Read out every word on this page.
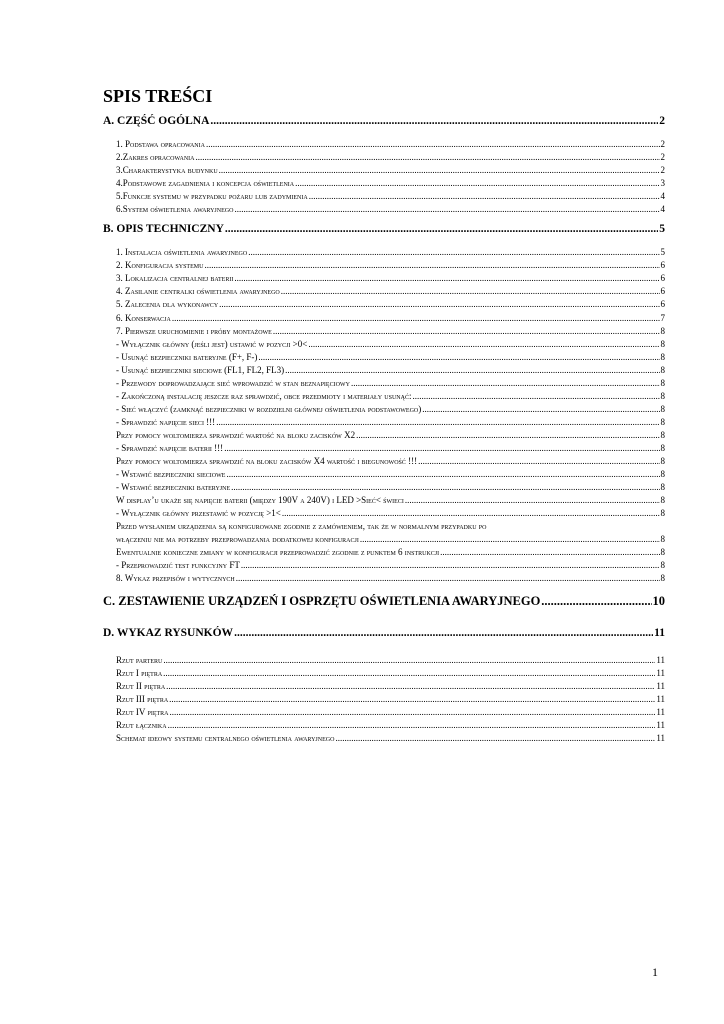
SPIS TREŚCI
A. CZĘŚĆ OGÓLNA .....	2
1. Podstawa opracowania .....	2
2.Zakres opracowania .....	2
3.Charakterystyka budynku .....	2
4.Podstawowe zagadnienia i koncepcja oświetlenia .....	3
5.Funkcje systemu w przypadku pożaru lub zadymienia .....	4
6.System oświetlenia awaryjnego .....	4
B. OPIS TECHNICZNY .....	5
1. Instalacja oświetlenia awaryjnego .....	5
2. Konfiguracja systemu .....	6
3. Lokalizacja centralnej baterii .....	6
4. Zasilanie centralki oświetlenia awaryjnego .....	6
5. Zalecenia dla wykonawcy .....	6
6. Konserwacja .....	7
7. Pierwsze uruchomienie i próby montażowe .....	8
- Wyłącznik główny (jeśli jest) ustawić w pozycji >0< .....	8
- Usunąć bezpieczniki bateryjne (F+, F-) .....	8
- Usunąć bezpieczniki sieciowe (FL1, FL2, FL3) .....	8
- Przewody doprowadzające sieć wprowadzić w stan beznapięciowy .....	8
- Zakończoną instalację jeszcze raz sprawdzić, obce przedmioty i materiały usunąć: .....	8
- Sieć włączyć (zamknąć bezpieczniki w rozdzielni głównej oświetlenia podstawowego) .....	8
- Sprawdzić napięcie sieci !!! .....	8
Przy pomocy woltomierza sprawdzić wartość na bloku zacisków X2 .....	8
- Sprawdzić napięcie baterii !!! .....	8
Przy pomocy woltomierza sprawdzić na bloku zacisków X4 wartość i biegunowość !!! .....	8
- Wstawić bezpieczniki sieciowe .....	8
- Wstawić bezpieczniki bateryjne .....	8
W display’u ukaże się napięcie baterii (między 190V a 240V) i LED >Sieć< świeci .....	8
- Wyłącznik główny przestawić w pozycję >1< .....	8
Przed wysłaniem urządzenia są konfigurowane zgodnie z zamówieniem, tak że w normalnym przypadku po
włączeniu nie ma potrzeby przeprowadzania dodatkowej konfiguracji .....	8
Ewentualnie konieczne zmiany w konfiguracji przeprowadzić zgodnie z punktem 6 instrukcji .....	8
- Przeprowadzić test funkcyjny FT .....	8
8. Wykaz przepisów i wytycznych .....	8
C. ZESTAWIENIE URZĄDZEŃ I OSPRZĘTU OŚWIETLENIA AWARYJNEGO .....	10
D. WYKAZ RYSUNKÓW .....	11
Rzut parteru .....	11
Rzut I piętra .....	11
Rzut II piętra .....	11
Rzut III piętra .....	11
Rzut IV piętra .....	11
Rzut łącznika .....	11
Schemat ideowy systemu centralnego oświetlenia awaryjnego .....	11
1
